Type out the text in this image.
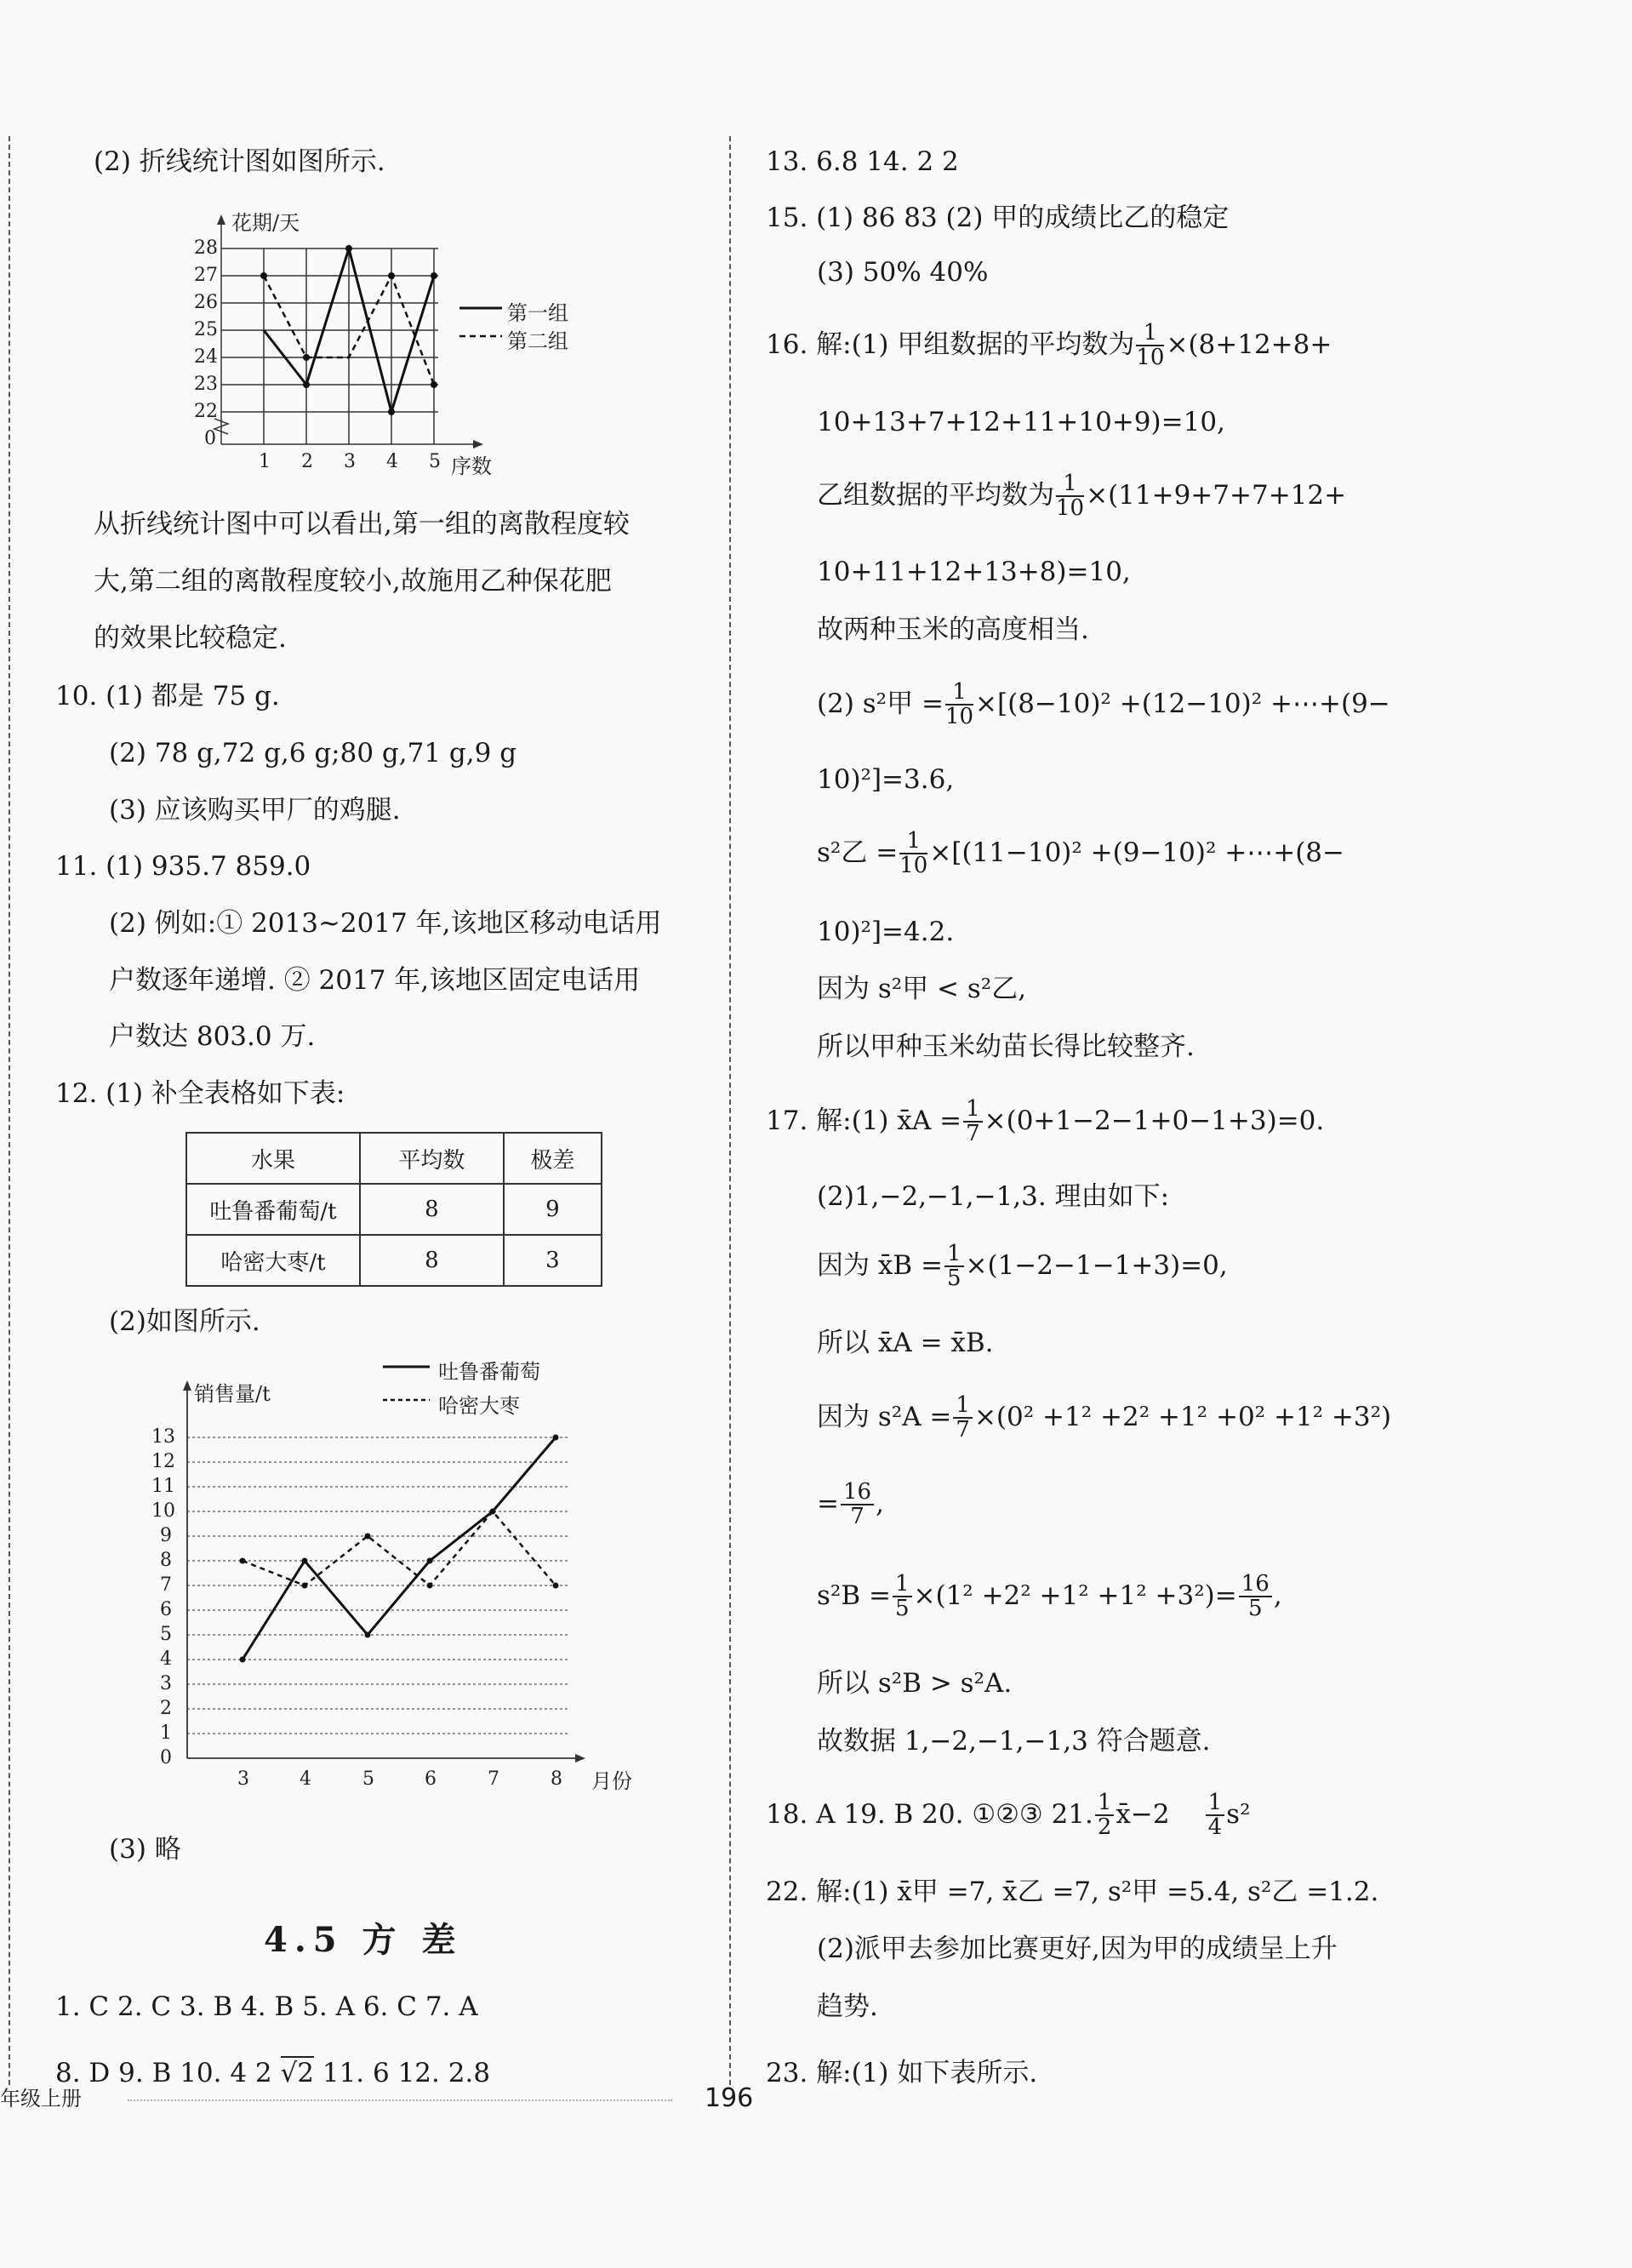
(2) 折线统计图如图所示.
花期/天
28
27
26
25
24
23
22
0
1 2 3 4 5 序数
第一组
第二组
从折线统计图中可以看出,第一组的离散程度较
大,第二组的离散程度较小,故施用乙种保花肥
的效果比较稳定.
10. (1) 都是 75 g.
(2) 78 g,72 g,6 g;80 g,71 g,9 g
(3) 应该购买甲厂的鸡腿.
11. (1) 935.7 859.0
(2) 例如:① 2013~2017 年,该地区移动电话用
户数逐年递增. ② 2017 年,该地区固定电话用
户数达 803.0 万.
12. (1) 补全表格如下表:
水果	平均数	极差
吐鲁番葡萄/t	8	9
哈密大枣/t	8	3
(2)如图所示.
吐鲁番葡萄
哈密大枣
销售量/t
13
12
11
10
9
8
7
6
5
4
3
2
1
0
3	4	5	6	7	8 月份
(3) 略
4.5 方 差
1. C 2. C 3. B 4. B 5. A 6. C 7. A
8. D 9. B 10. 4 2 √2 11. 6 12. 2.8
13. 6.8 14. 2 2
15. (1) 86 83 (2) 甲的成绩比乙的稳定
(3) 50% 40%
16. 解:(1) 甲组数据的平均数为 $\frac{1}{10} \times(8+12+8+$
10+13+7+12+11+10+9)=10,
乙组数据的平均数为 $\frac{1}{10} \times(11+9+7+7+12+$
10+11+12+13+8)=10,
故两种玉米的高度相当.
(2) s²甲 = $\frac{1}{10} \times[(8-10)^2 +(12-10)^2$ +⋯+(9−
10)²]=3.6,
s²乙 = $\frac{1}{10} \times[(11-10)^2 +(9-10)^2$ +⋯+(8−
10)²]=4.2.
因为 s²甲 < s²乙,
所以甲种玉米幼苗长得比较整齐.
17. 解:(1) x̄A = $\frac{1}{7} \times(0+1-2-1+0-1+3)=0$.
(2)1,−2,−1,−1,3. 理由如下:
因为 x̄B = $\frac{1}{5} \times(1-2-1-1+3)=0$,
所以 x̄A = x̄B.
因为 $s^2A = \frac{1}{7} \times(0^2 +1^2 +2^2 +1^2 +0^2 +1^2 +3^2)$
= $\frac{16}{7}$ ,
$s^2B = \frac{1}{5} \times(1^2 +2^2 +1^2 +1^2 +3^2)= \frac{16}{5}$ ,
所以 s²B > s²A.
故数据 1,−2,−1,−1,3 符合题意.
18. A 19. B 20. ①②③ 21. $\frac{1}{2}$ x̄−2 $\frac{1}{4} s^2$
22. 解:(1) x̄甲 =7, x̄乙 =7, s²甲 =5.4, s²乙 =1.2.
(2)派甲去参加比赛更好,因为甲的成绩呈上升
趋势.
23. 解:(1) 如下表所示.
年级上册	196
